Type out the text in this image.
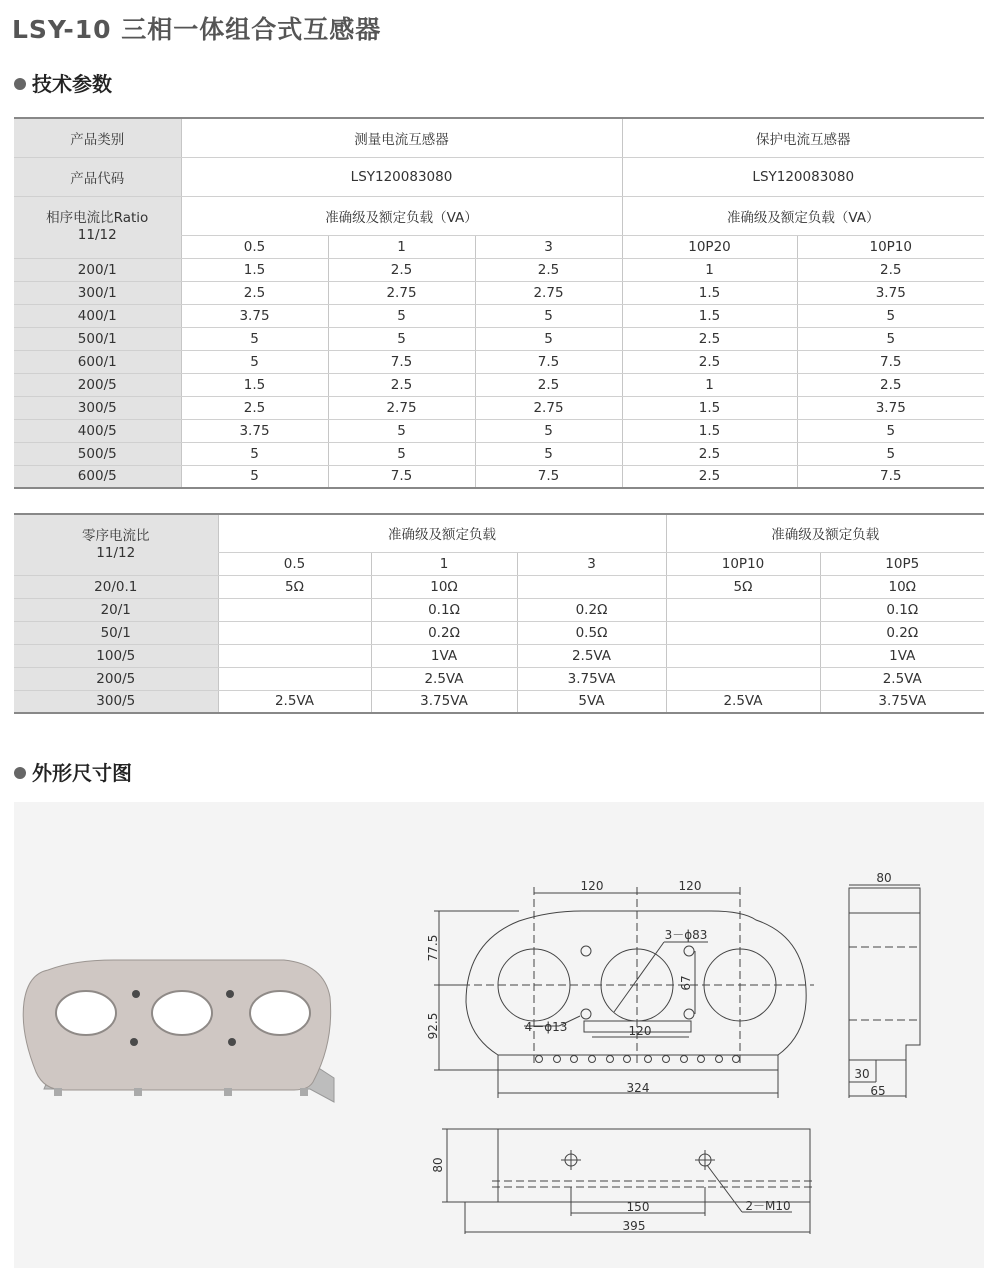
LSY-10 三相一体组合式互感器
技术参数
产品类别	测量电流互感器			保护电流互感器	
产品代码	LSY120083080			LSY120083080	

相序电流比Ratio
11/12	准确级及额定负载（VA）			准确级及额定负载（VA）	
	0.5	1	3	10P20	10P10
200/1	1.5	2.5	2.5	1	2.5
300/1	2.5	2.75	2.75	1.5	3.75
400/1	3.75	5	5	1.5	5
500/1	5	5	5	2.5	5
600/1	5	7.5	7.5	2.5	7.5
200/5	1.5	2.5	2.5	1	2.5
300/5	2.5	2.75	2.75	1.5	3.75
400/5	3.75	5	5	1.5	5
500/5	5	5	5	2.5	5
600/5	5	7.5	7.5	2.5	7.5
零序电流比
11/12	准确级及额定负载			准确级及额定负载	
	0.5	1	3	10P10	10P5
20/0.1	5Ω	10Ω		5Ω	10Ω
20/1		0.1Ω	0.2Ω		0.1Ω
50/1		0.2Ω	0.5Ω		0.2Ω
100/5		1VA	2.5VA		1VA
200/5		2.5VA	3.75VA		2.5VA
300/5	2.5VA	3.75VA	5VA	2.5VA	3.75VA
外形尺寸图
120	120
3－ϕ83
77.5
92.5
67
4－ϕ13	120
324
80
30
65
80
150
395
2－M10
